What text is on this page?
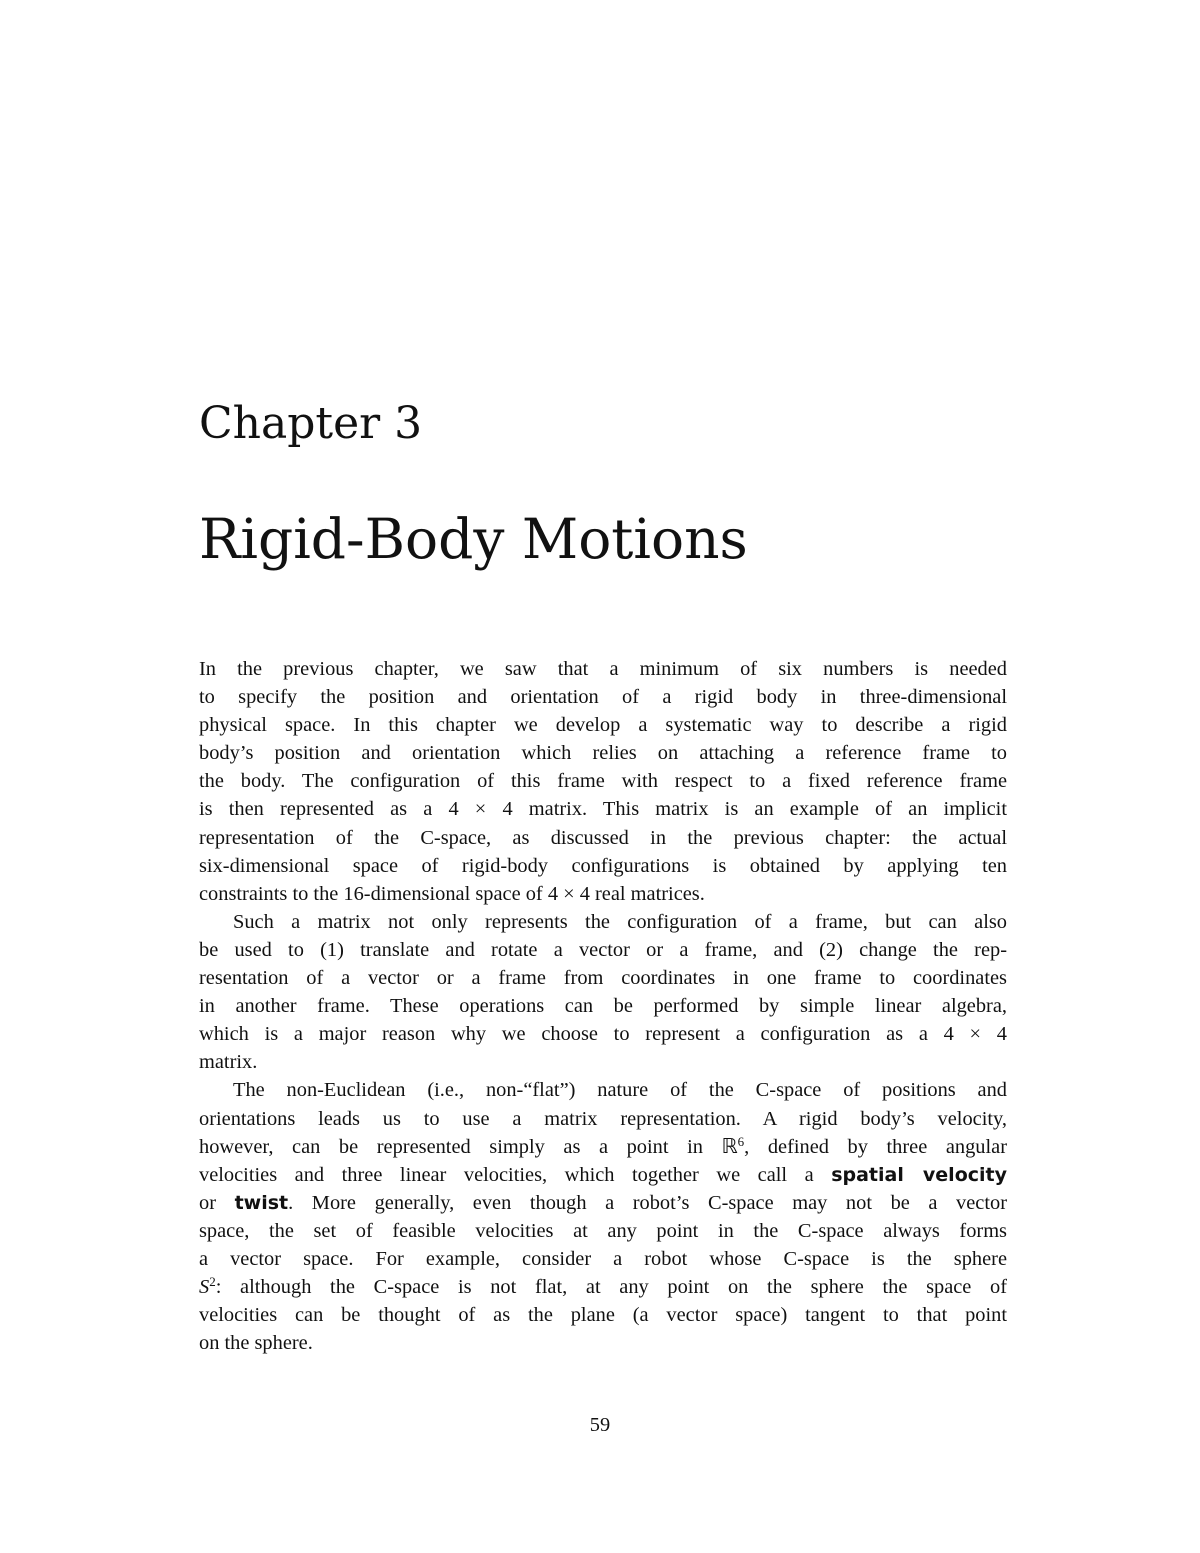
Chapter 3
Rigid-Body Motions
In the previous chapter, we saw that a minimum of six numbers is needed
to specify the position and orientation of a rigid body in three-dimensional
physical space. In this chapter we develop a systematic way to describe a rigid
body’s position and orientation which relies on attaching a reference frame to
the body. The configuration of this frame with respect to a fixed reference frame
is then represented as a 4 × 4 matrix. This matrix is an example of an implicit
representation of the C-space, as discussed in the previous chapter: the actual
six-dimensional space of rigid-body configurations is obtained by applying ten
constraints to the 16-dimensional space of 4 × 4 real matrices.
Such a matrix not only represents the configuration of a frame, but can also
be used to (1) translate and rotate a vector or a frame, and (2) change the rep-
resentation of a vector or a frame from coordinates in one frame to coordinates
in another frame. These operations can be performed by simple linear algebra,
which is a major reason why we choose to represent a configuration as a 4 × 4
matrix.
The non-Euclidean (i.e., non-“flat”) nature of the C-space of positions and
orientations leads us to use a matrix representation. A rigid body’s velocity,
however, can be represented simply as a point in ℝ$^6$, defined by three angular
velocities and three linear velocities, which together we call a spatial velocity
or twist. More generally, even though a robot’s C-space may not be a vector
space, the set of feasible velocities at any point in the C-space always forms
a vector space. For example, consider a robot whose C-space is the sphere
$S^2$: although the C-space is not flat, at any point on the sphere the space of
velocities can be thought of as the plane (a vector space) tangent to that point
on the sphere.
59
